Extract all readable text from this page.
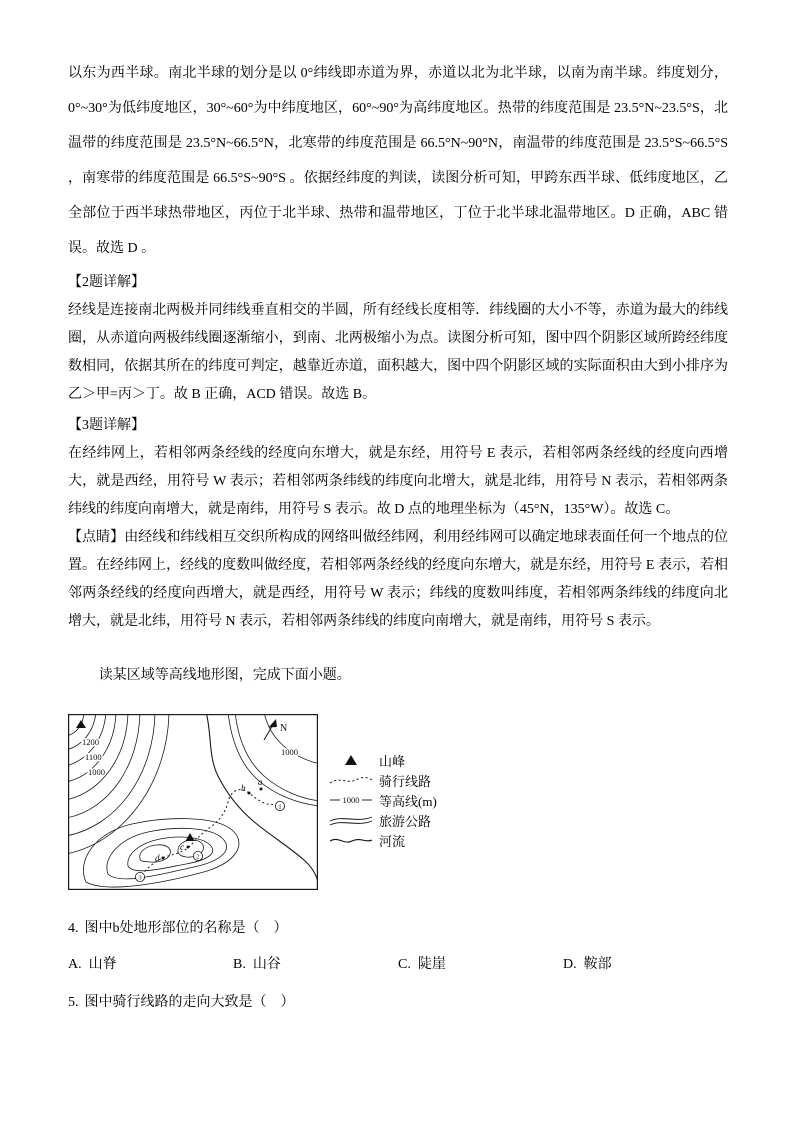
以东为西半球。南北半球的划分是以 0°纬线即赤道为界，赤道以北为北半球，以南为南半球。纬度划分，0°~30°为低纬度地区，30°~60°为中纬度地区，60°~90°为高纬度地区。热带的纬度范围是 23.5°N~23.5°S，北温带的纬度范围是 23.5°N~66.5°N，北寒带的纬度范围是 66.5°N~90°N，南温带的纬度范围是 23.5°S~66.5°S ，南寒带的纬度范围是 66.5°S~90°S 。依据经纬度的判读，读图分析可知，甲跨东西半球、低纬度地区，乙全部位于西半球热带地区，丙位于北半球、热带和温带地区，丁位于北半球北温带地区。D 正确，ABC 错误。故选 D 。
【2题详解】
经线是连接南北两极并同纬线垂直相交的半圆，所有经线长度相等．纬线圈的大小不等，赤道为最大的纬线圈，从赤道向两极纬线圈逐渐缩小，到南、北两极缩小为点。读图分析可知，图中四个阴影区域所跨经纬度数相同，依据其所在的纬度可判定，越靠近赤道，面积越大，图中四个阴影区域的实际面积由大到小排序为乙＞甲=丙＞丁。故 B 正确，ACD 错误。故选 B。
【3题详解】
在经纬网上，若相邻两条经线的经度向东增大，就是东经，用符号 E 表示，若相邻两条经线的经度向西增大，就是西经，用符号 W 表示；若相邻两条纬线的纬度向北增大，就是北纬，用符号 N 表示，若相邻两条纬线的纬度向南增大，就是南纬，用符号 S 表示。故 D 点的地理坐标为（45°N，135°W）。故选 C。
【点睛】由经线和纬线相互交织所构成的网络叫做经纬网，利用经纬网可以确定地球表面任何一个地点的位置。在经纬网上，经线的度数叫做经度，若相邻两条经线的经度向东增大，就是东经，用符号 E 表示，若相邻两条经线的经度向西增大，就是西经，用符号 W 表示；纬线的度数叫纬度，若相邻两条纬线的纬度向北增大，就是北纬，用符号 N 表示，若相邻两条纬线的纬度向南增大，就是南纬，用符号 S 表示。
读某区域等高线地形图，完成下面小题。
N
1200
1100
1000
1000
b
a
c
d
1
2
3
山峰
骑行线路
1000 等高线(m)
旅游公路
河流
4. 图中b处地形部位的名称是（　）
A. 山脊	B. 山谷	C. 陡崖	D. 鞍部
5. 图中骑行线路的走向大致是（　）
